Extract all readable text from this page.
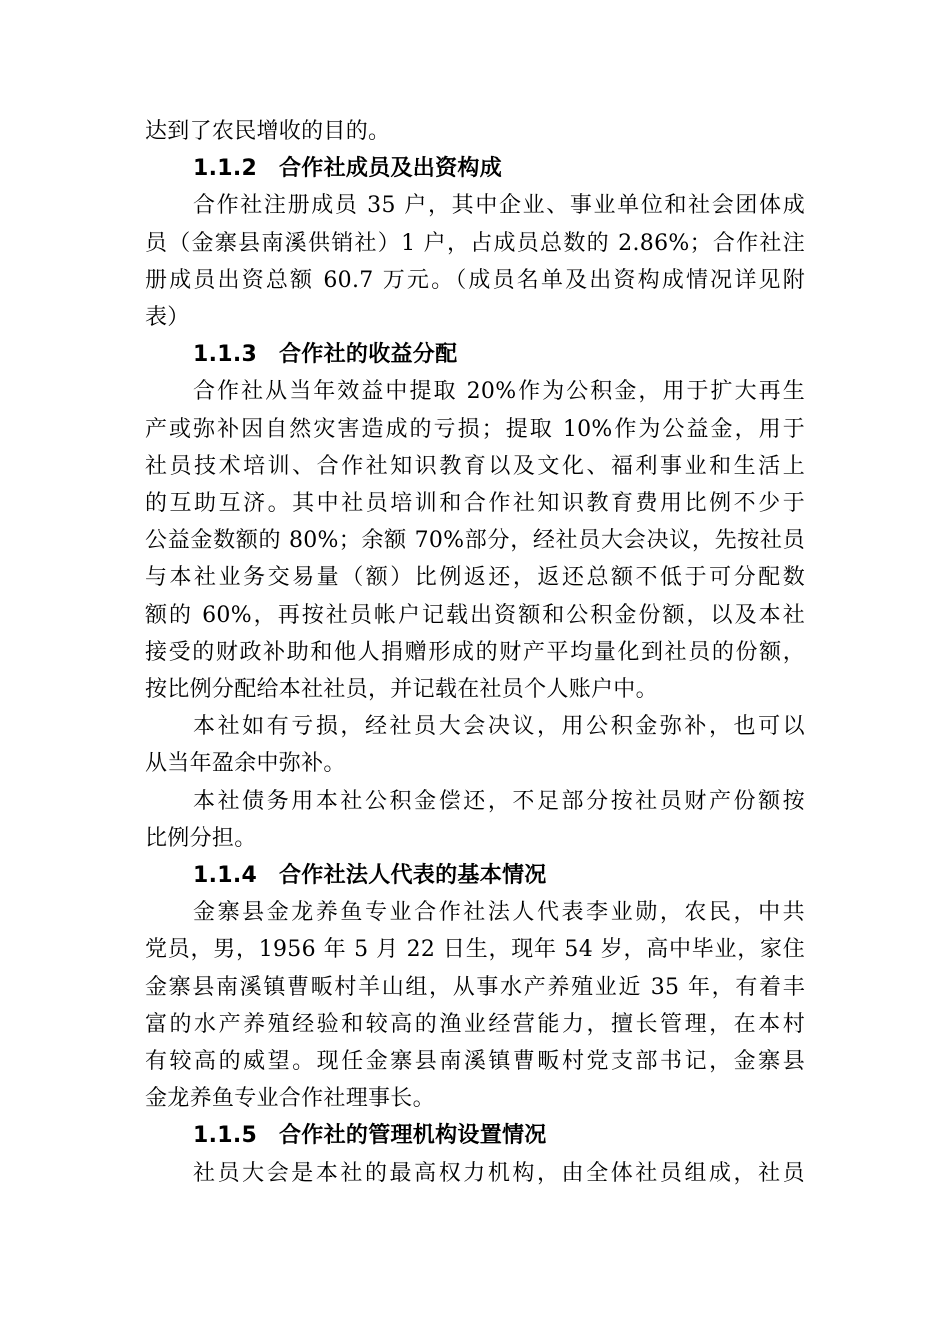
达到了农民增收的目的。
1.1.2 合作社成员及出资构成
合作社注册成员 35 户，其中企业、事业单位和社会团体成
员（金寨县南溪供销社）1 户，占成员总数的 2.86%；合作社注
册成员出资总额 60.7 万元。（成员名单及出资构成情况详见附
表）
1.1.3 合作社的收益分配
合作社从当年效益中提取 20%作为公积金，用于扩大再生
产或弥补因自然灾害造成的亏损；提取 10%作为公益金，用于
社员技术培训、合作社知识教育以及文化、福利事业和生活上
的互助互济。其中社员培训和合作社知识教育费用比例不少于
公益金数额的 80%；余额 70%部分，经社员大会决议，先按社员
与本社业务交易量（额）比例返还，返还总额不低于可分配数
额的 60%，再按社员帐户记载出资额和公积金份额，以及本社
接受的财政补助和他人捐赠形成的财产平均量化到社员的份额，
按比例分配给本社社员，并记载在社员个人账户中。
本社如有亏损，经社员大会决议，用公积金弥补，也可以
从当年盈余中弥补。
本社债务用本社公积金偿还，不足部分按社员财产份额按
比例分担。
1.1.4 合作社法人代表的基本情况
金寨县金龙养鱼专业合作社法人代表李业勋，农民，中共
党员，男，1956 年 5 月 22 日生，现年 54 岁，高中毕业，家住
金寨县南溪镇曹畈村羊山组，从事水产养殖业近 35 年，有着丰
富的水产养殖经验和较高的渔业经营能力，擅长管理，在本村
有较高的威望。现任金寨县南溪镇曹畈村党支部书记，金寨县
金龙养鱼专业合作社理事长。
1.1.5 合作社的管理机构设置情况
社员大会是本社的最高权力机构，由全体社员组成，社员
